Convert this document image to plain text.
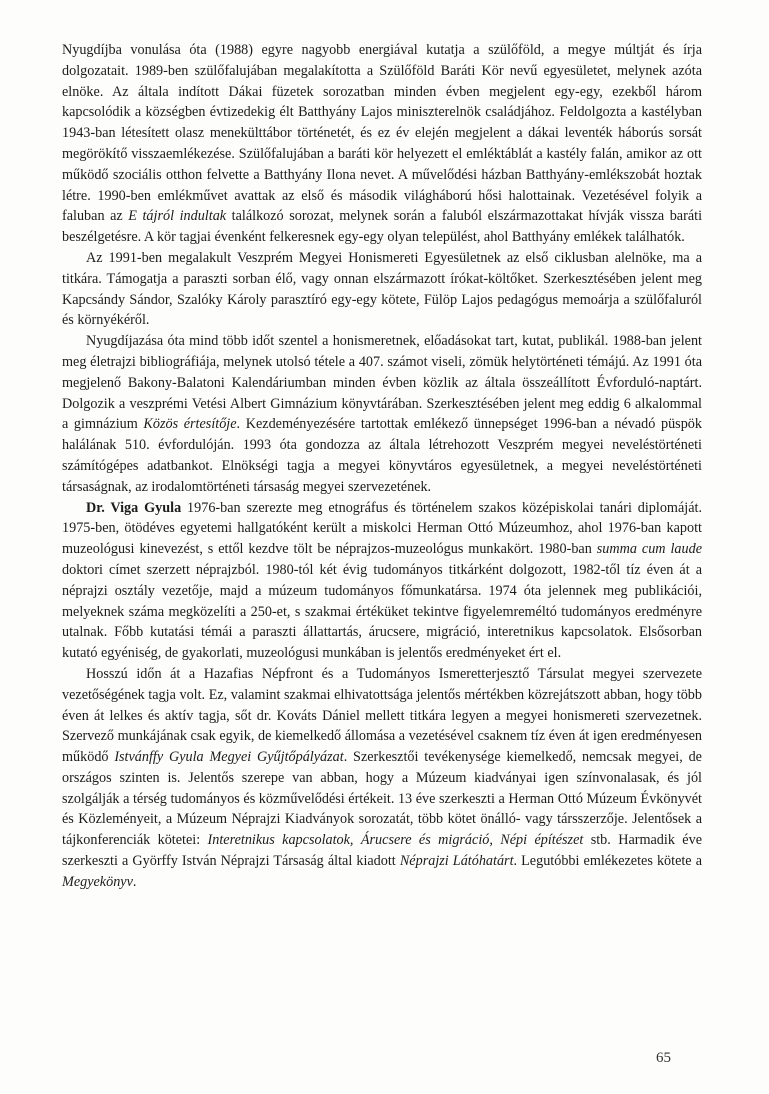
Nyugdíjba vonulása óta (1988) egyre nagyobb energiával kutatja a szülőföld, a megye múltját és írja dolgozatait. 1989-ben szülőfalujában megalakította a Szülőföld Baráti Kör nevű egyesületet, melynek azóta elnöke. Az általa indított Dákai füzetek sorozatban minden évben megjelent egy-egy, ezekből három kapcsolódik a községben évtizedekig élt Batthyány Lajos miniszterelnök családjához. Feldolgozta a kastélyban 1943-ban létesített olasz menekülttábor történetét, és ez év elején megjelent a dákai leventék háborús sorsát megörökítő visszaemlékezése. Szülőfalujában a baráti kör helyezett el emléktáblát a kastély falán, amikor az ott működő szociális otthon felvette a Batthyány Ilona nevet. A művelődési házban Batthyány-emlékszobát hoztak létre. 1990-ben emlékművet avattak az első és második világháború hősi halottainak. Vezetésével folyik a faluban az E tájról indultak találkozó sorozat, melynek során a faluból elszármazottakat hívják vissza baráti beszélgetésre. A kör tagjai évenként felkeresnek egy-egy olyan települést, ahol Batthyány emlékek találhatók.

Az 1991-ben megalakult Veszprém Megyei Honismereti Egyesületnek az első ciklusban alelnöke, ma a titkára. Támogatja a paraszti sorban élő, vagy onnan elszármazott írókat-költőket. Szerkesztésében jelent meg Kapcsándy Sándor, Szalóky Károly parasztíró egy-egy kötete, Fülöp Lajos pedagógus memoárja a szülőfaluról és környékéről.

Nyugdíjazása óta mind több időt szentel a honismeretnek, előadásokat tart, kutat, publikál. 1988-ban jelent meg életrajzi bibliográfiája, melynek utolsó tétele a 407. számot viseli, zömük helytörténeti témájú. Az 1991 óta megjelenő Bakony-Balatoni Kalendáriumban minden évben közlik az általa összeállított Évforduló-naptárt. Dolgozik a veszprémi Vetési Albert Gimnázium könyvtárában. Szerkesztésében jelent meg eddig 6 alkalommal a gimnázium Közös értesítője. Kezdeményezésére tartottak emlékező ünnepséget 1996-ban a névadó püspök halálának 510. évfordulóján. 1993 óta gondozza az általa létrehozott Veszprém megyei neveléstörténeti számítógépes adatbankot. Elnökségi tagja a megyei könyvtáros egyesületnek, a megyei neveléstörténeti társaságnak, az irodalomtörténeti társaság megyei szervezetének.

Dr. Viga Gyula 1976-ban szerezte meg etnográfus és történelem szakos középiskolai tanári diplomáját. 1975-ben, ötödéves egyetemi hallgatóként került a miskolci Herman Ottó Múzeumhoz, ahol 1976-ban kapott muzeológusi kinevezést, s ettől kezdve tölt be néprajzos-muzeológus munkakört. 1980-ban summa cum laude doktori címet szerzett néprajzból. 1980-tól két évig tudományos titkárként dolgozott, 1982-től tíz éven át a néprajzi osztály vezetője, majd a múzeum tudományos főmunkatársa. 1974 óta jelennek meg publikációi, melyeknek száma megközelíti a 250-et, s szakmai értéküket tekintve figyelemreméltó tudományos eredményre utalnak. Főbb kutatási témái a paraszti állattartás, árucsere, migráció, interetnikus kapcsolatok. Elsősorban kutató egyéniség, de gyakorlati, muzeológusi munkában is jelentős eredményeket ért el.

Hosszú időn át a Hazafias Népfront és a Tudományos Ismeretterjesztő Társulat megyei szervezete vezetőségének tagja volt. Ez, valamint szakmai elhivatottsága jelentős mértékben közrejátszott abban, hogy több éven át lelkes és aktív tagja, sőt dr. Kováts Dániel mellett titkára legyen a megyei honismereti szervezetnek. Szervező munkájának csak egyik, de kiemelkedő állomása a vezetésével csaknem tíz éven át igen eredményesen működő Istvánffy Gyula Megyei Gyűjtőpályázat. Szerkesztői tevékenysége kiemelkedő, nemcsak megyei, de országos szinten is. Jelentős szerepe van abban, hogy a Múzeum kiadványai igen színvonalasak, és jól szolgálják a térség tudományos és közművelődési értékeit. 13 éve szerkeszti a Herman Ottó Múzeum Évkönyvét és Közleményeit, a Múzeum Néprajzi Kiadványok sorozatát, több kötet önálló- vagy társszerzője. Jelentősek a tájkonferenciák kötetei: Interetnikus kapcsolatok, Árucsere és migráció, Népi építészet stb. Harmadik éve szerkeszti a Györffy István Néprajzi Társaság által kiadott Néprajzi Látóhatárt. Legutóbbi emlékezetes kötete a Megyekönyv.

65
